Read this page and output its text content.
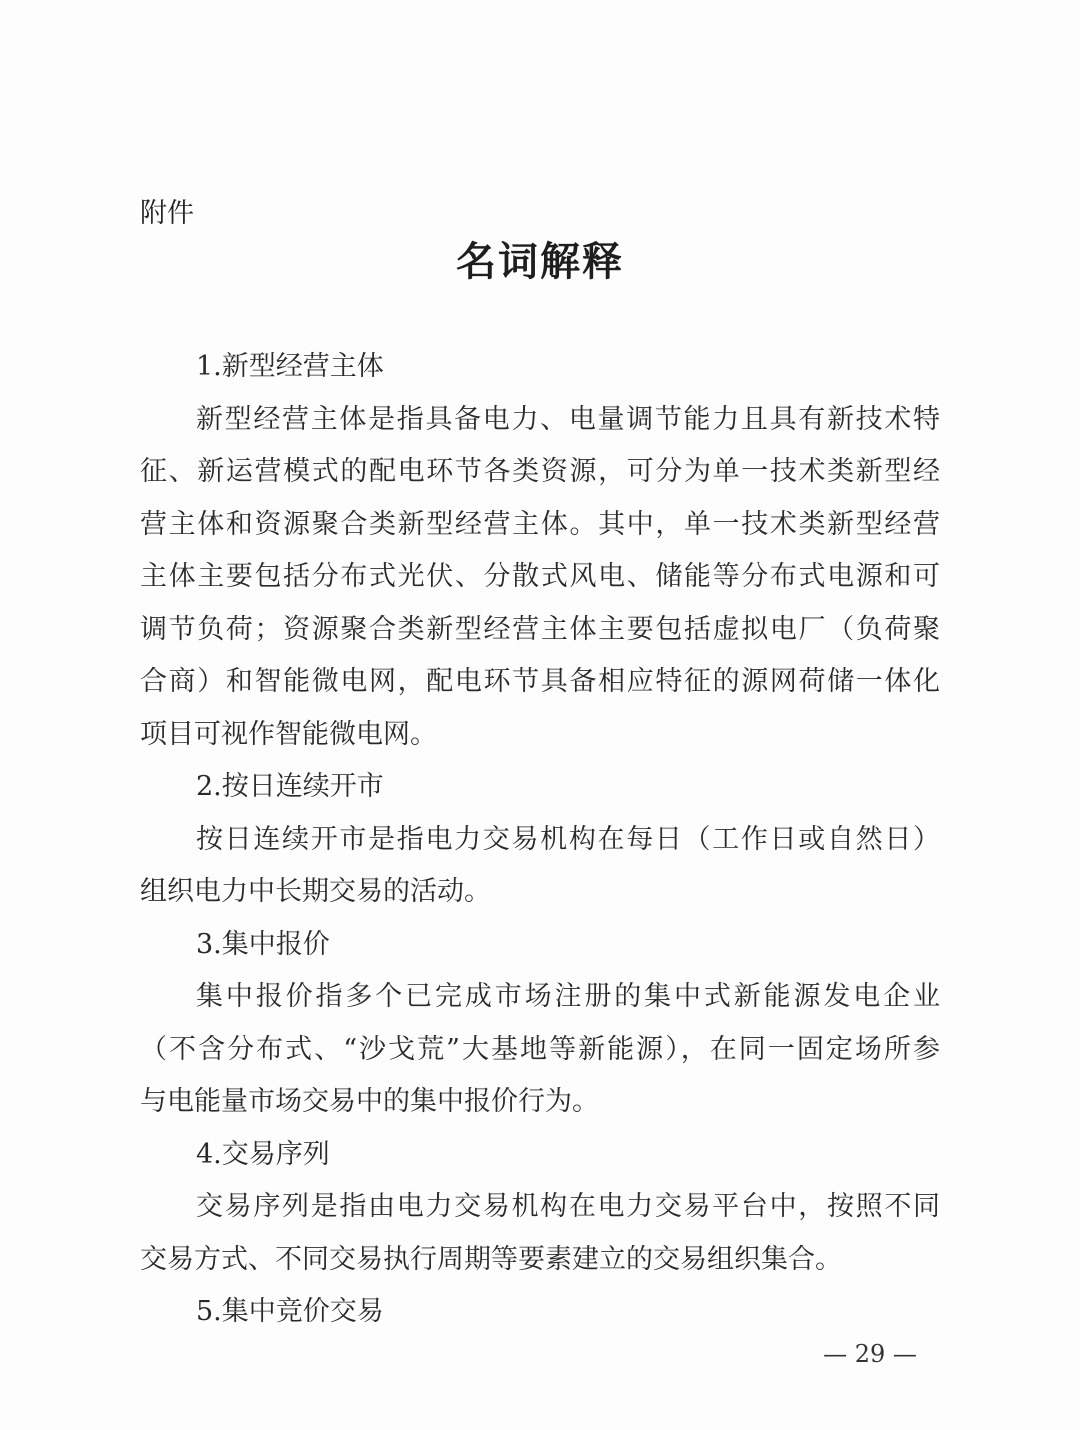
附件
名词解释
1.新型经营主体
新型经营主体是指具备电力、电量调节能力且具有新技术特
征、新运营模式的配电环节各类资源，可分为单一技术类新型经
营主体和资源聚合类新型经营主体。其中，单一技术类新型经营
主体主要包括分布式光伏、分散式风电、储能等分布式电源和可
调节负荷；资源聚合类新型经营主体主要包括虚拟电厂（负荷聚
合商）和智能微电网，配电环节具备相应特征的源网荷储一体化
项目可视作智能微电网。
2.按日连续开市
按日连续开市是指电力交易机构在每日（工作日或自然日）
组织电力中长期交易的活动。
3.集中报价
集中报价指多个已完成市场注册的集中式新能源发电企业
（不含分布式、“沙戈荒”大基地等新能源），在同一固定场所参
与电能量市场交易中的集中报价行为。
4.交易序列
交易序列是指由电力交易机构在电力交易平台中，按照不同
交易方式、不同交易执行周期等要素建立的交易组织集合。
5.集中竞价交易
— 29 —
